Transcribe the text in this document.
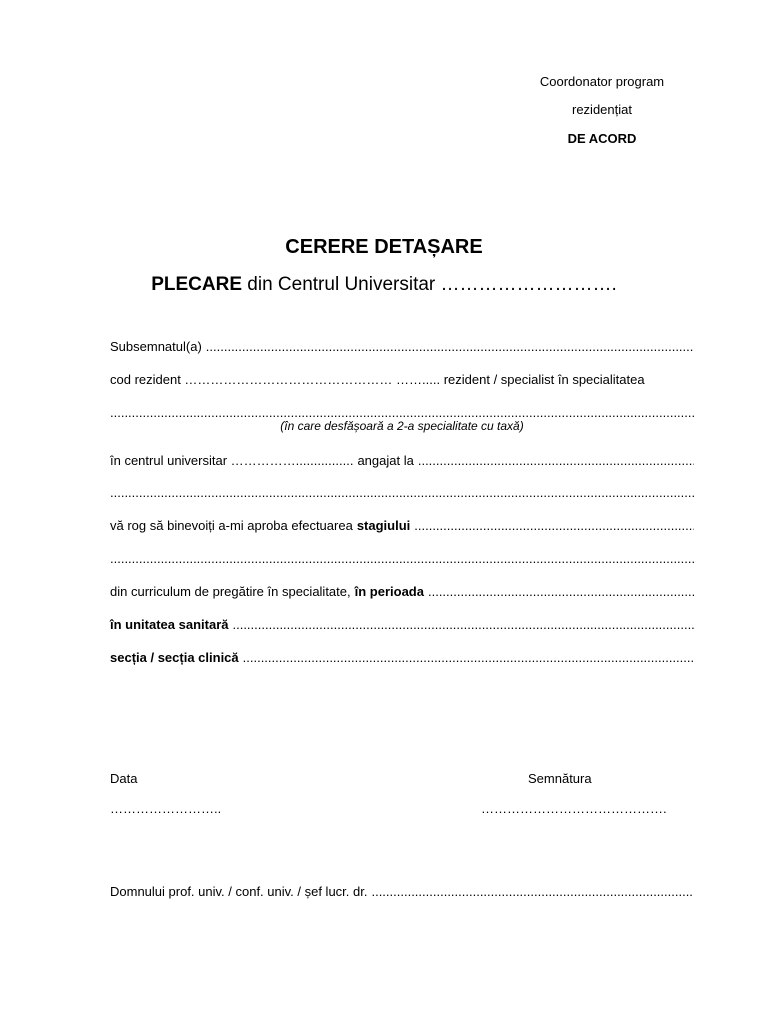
Coordonator program
rezidențiat
DE ACORD
CERERE DETAȘARE
PLECARE din Centrul Universitar ……………………….
Subsemnatul(a)
.....
cod rezident ………………………………………… ……..... rezident / specialist în specialitatea
.....
(în care desfășoară a 2-a specialitate cu taxă)
în centrul universitar ……………................ angajat la
.....
.....
vă rog să binevoiți a-mi aproba efectuarea stagiului
.....
.....
din curriculum de pregătire în specialitate, în perioada
.....
în unitatea sanitară
.....
secția / secția clinică
.....
Data	Semnătura
……………………..	…………………………………….
Domnului prof. univ. / conf. univ. / șef lucr. dr.
.....
